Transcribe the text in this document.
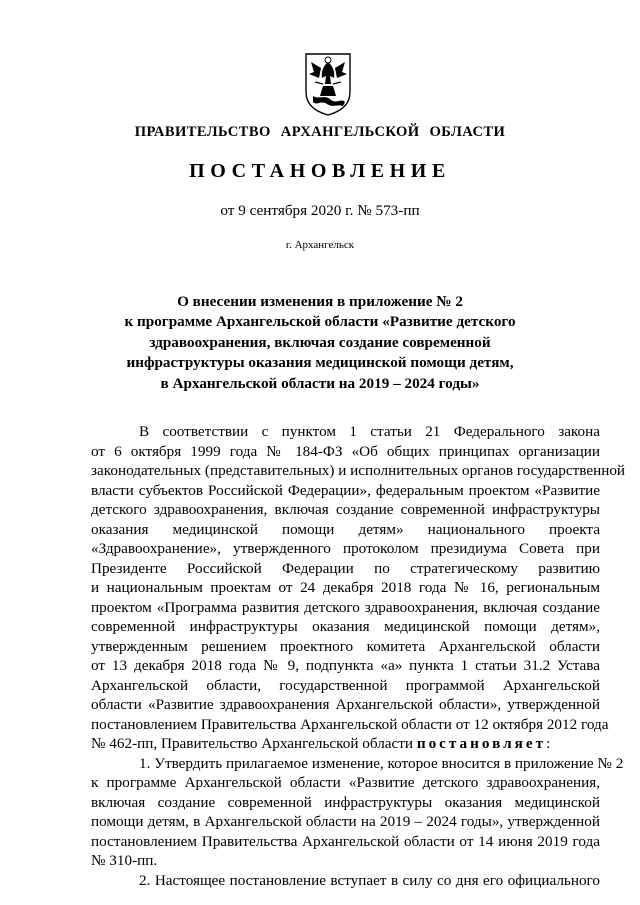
ПРАВИТЕЛЬСТВО АРХАНГЕЛЬСКОЙ ОБЛАСТИ
ПОСТАНОВЛЕНИЕ
от 9 сентября 2020 г. № 573-пп
г. Архангельск
О внесении изменения в приложение № 2
к программе Архангельской области «Развитие детского
здравоохранения, включая создание современной
инфраструктуры оказания медицинской помощи детям,
в Архангельской области на 2019 – 2024 годы»
В соответствии с пунктом 1 статьи 21 Федерального закона
от 6 октября 1999 года № 184-ФЗ «Об общих принципах организации
законодательных (представительных) и исполнительных органов государственной
власти субъектов Российской Федерации», федеральным проектом «Развитие
детского здравоохранения, включая создание современной инфраструктуры
оказания медицинской помощи детям» национального проекта
«Здравоохранение», утвержденного протоколом президиума Совета при
Президенте Российской Федерации по стратегическому развитию
и национальным проектам от 24 декабря 2018 года № 16, региональным
проектом «Программа развития детского здравоохранения, включая создание
современной инфраструктуры оказания медицинской помощи детям»,
утвержденным решением проектного комитета Архангельской области
от 13 декабря 2018 года № 9, подпункта «а» пункта 1 статьи 31.2 Устава
Архангельской области, государственной программой Архангельской
области «Развитие здравоохранения Архангельской области», утвержденной
постановлением Правительства Архангельской области от 12 октября 2012 года
№ 462-пп, Правительство Архангельской области постановляет:
1. Утвердить прилагаемое изменение, которое вносится в приложение № 2
к программе Архангельской области «Развитие детского здравоохранения,
включая создание современной инфраструктуры оказания медицинской
помощи детям, в Архангельской области на 2019 – 2024 годы», утвержденной
постановлением Правительства Архангельской области от 14 июня 2019 года
№ 310-пп.
2. Настоящее постановление вступает в силу со дня его официального
